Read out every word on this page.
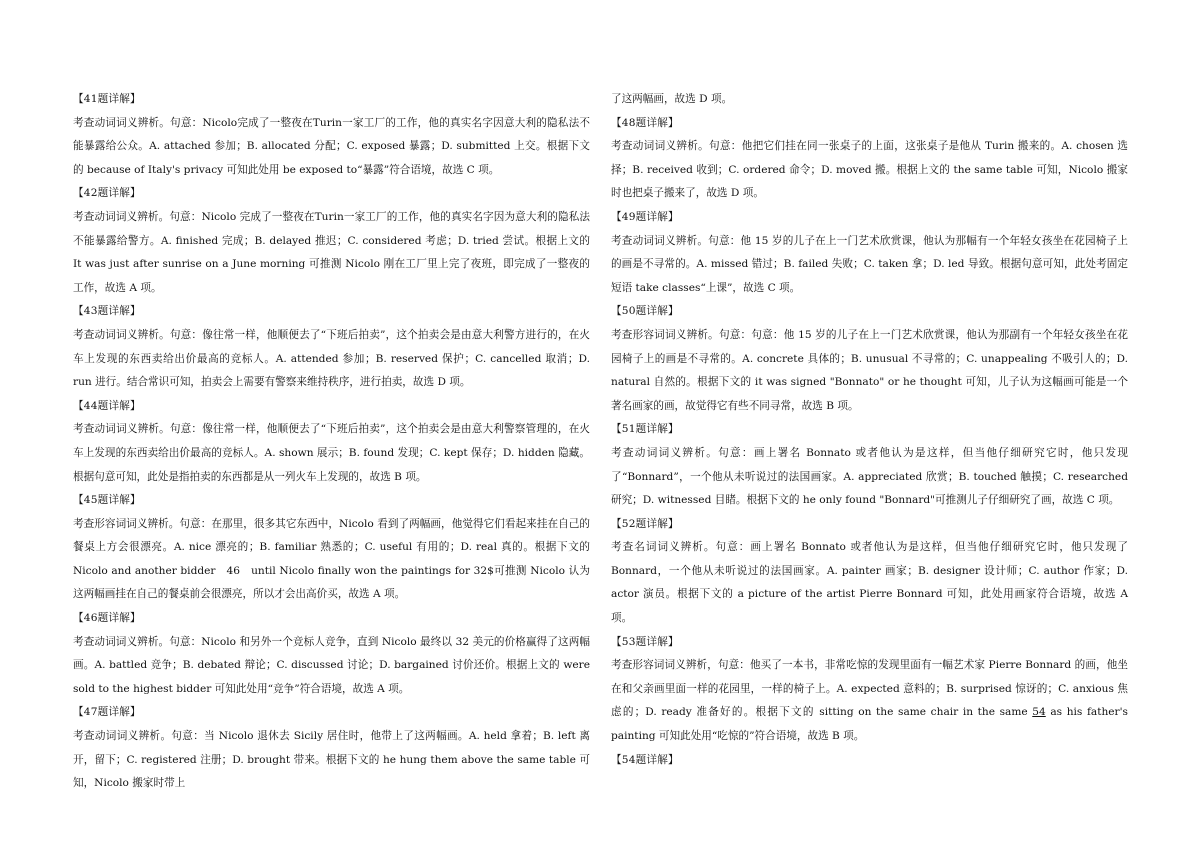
【41题详解】
考查动词词义辨析。句意：Nicolo完成了一整夜在Turin一家工厂的工作，他的真实名字因意大利的隐私法不能暴露给公众。A. attached 参加；B. allocated 分配；C. exposed 暴露；D. submitted 上交。根据下文的 because of Italy's privacy 可知此处用 be exposed to“暴露”符合语境，故选 C 项。
【42题详解】
考查动词词义辨析。句意：Nicolo 完成了一整夜在Turin一家工厂的工作，他的真实名字因为意大利的隐私法不能暴露给警方。A. finished 完成；B. delayed 推迟；C. considered 考虑；D. tried 尝试。根据上文的 It was just after sunrise on a June morning 可推测 Nicolo 刚在工厂里上完了夜班，即完成了一整夜的工作，故选 A 项。
【43题详解】
考查动词词义辨析。句意：像往常一样，他顺便去了“下班后拍卖”，这个拍卖会是由意大利警方进行的，在火车上发现的东西卖给出价最高的竞标人。A. attended 参加；B. reserved 保护；C. cancelled 取消；D. run 进行。结合常识可知，拍卖会上需要有警察来维持秩序，进行拍卖，故选 D 项。
【44题详解】
考查动词词义辨析。句意：像往常一样，他顺便去了“下班后拍卖”，这个拍卖会是由意大利警察管理的，在火车上发现的东西卖给出价最高的竞标人。A. shown 展示；B. found 发现；C. kept 保存；D. hidden 隐藏。根据句意可知，此处是指拍卖的东西都是从一列火车上发现的，故选 B 项。
【45题详解】
考查形容词词义辨析。句意：在那里，很多其它东西中，Nicolo 看到了两幅画，他觉得它们看起来挂在自己的餐桌上方会很漂亮。A. nice 漂亮的；B. familiar 熟悉的；C. useful 有用的；D. real 真的。根据下文的 Nicolo and another bidder　46　until Nicolo finally won the paintings for 32$可推测 Nicolo 认为这两幅画挂在自己的餐桌前会很漂亮，所以才会出高价买，故选 A 项。
【46题详解】
考查动词词义辨析。句意：Nicolo 和另外一个竞标人竞争，直到 Nicolo 最终以 32 美元的价格赢得了这两幅画。A. battled 竞争；B. debated 辩论；C. discussed 讨论；D. bargained 讨价还价。根据上文的 were sold to the highest bidder 可知此处用“竞争”符合语境，故选 A 项。
【47题详解】
考查动词词义辨析。句意：当 Nicolo 退休去 Sicily 居住时，他带上了这两幅画。A. held 拿着；B. left 离开，留下；C. registered 注册；D. brought 带来。根据下文的 he hung them above the same table 可知，Nicolo 搬家时带上
了这两幅画，故选 D 项。
【48题详解】
考查动词词义辨析。句意：他把它们挂在同一张桌子的上面，这张桌子是他从 Turin 搬来的。A. chosen 选择；B. received 收到；C. ordered 命令；D. moved 搬。根据上文的 the same table 可知，Nicolo 搬家时也把桌子搬来了，故选 D 项。
【49题详解】
考查动词词义辨析。句意：他 15 岁的儿子在上一门艺术欣赏课，他认为那幅有一个年轻女孩坐在花园椅子上的画是不寻常的。A. missed 错过；B. failed 失败；C. taken 拿；D. led 导致。根据句意可知，此处考固定短语 take classes“上课”，故选 C 项。
【50题详解】
考查形容词词义辨析。句意：句意：他 15 岁的儿子在上一门艺术欣赏课，他认为那副有一个年轻女孩坐在花园椅子上的画是不寻常的。A. concrete 具体的；B. unusual 不寻常的；C. unappealing 不吸引人的；D. natural 自然的。根据下文的 it was signed "Bonnato" or he thought 可知，儿子认为这幅画可能是一个著名画家的画，故觉得它有些不同寻常，故选 B 项。
【51题详解】
考查动词词义辨析。句意：画上署名 Bonnato 或者他认为是这样，但当他仔细研究它时，他只发现了“Bonnard”，一个他从未听说过的法国画家。A. appreciated 欣赏；B. touched 触摸；C. researched 研究；D. witnessed 目睹。根据下文的 he only found "Bonnard"可推测儿子仔细研究了画，故选 C 项。
【52题详解】
考查名词词义辨析。句意：画上署名 Bonnato 或者他认为是这样，但当他仔细研究它时，他只发现了 Bonnard，一个他从未听说过的法国画家。A. painter 画家；B. designer 设计师；C. author 作家；D. actor 演员。根据下文的 a picture of the artist Pierre Bonnard 可知，此处用画家符合语境，故选 A 项。
【53题详解】
考查形容词词义辨析，句意：他买了一本书，非常吃惊的发现里面有一幅艺术家 Pierre Bonnard 的画，他坐在和父亲画里面一样的花园里，一样的椅子上。A. expected 意料的；B. surprised 惊讶的；C. anxious 焦虑的；D. ready 准备好的。根据下文的 sitting on the same chair in the same 54 as his father's painting 可知此处用“吃惊的”符合语境，故选 B 项。
【54题详解】
